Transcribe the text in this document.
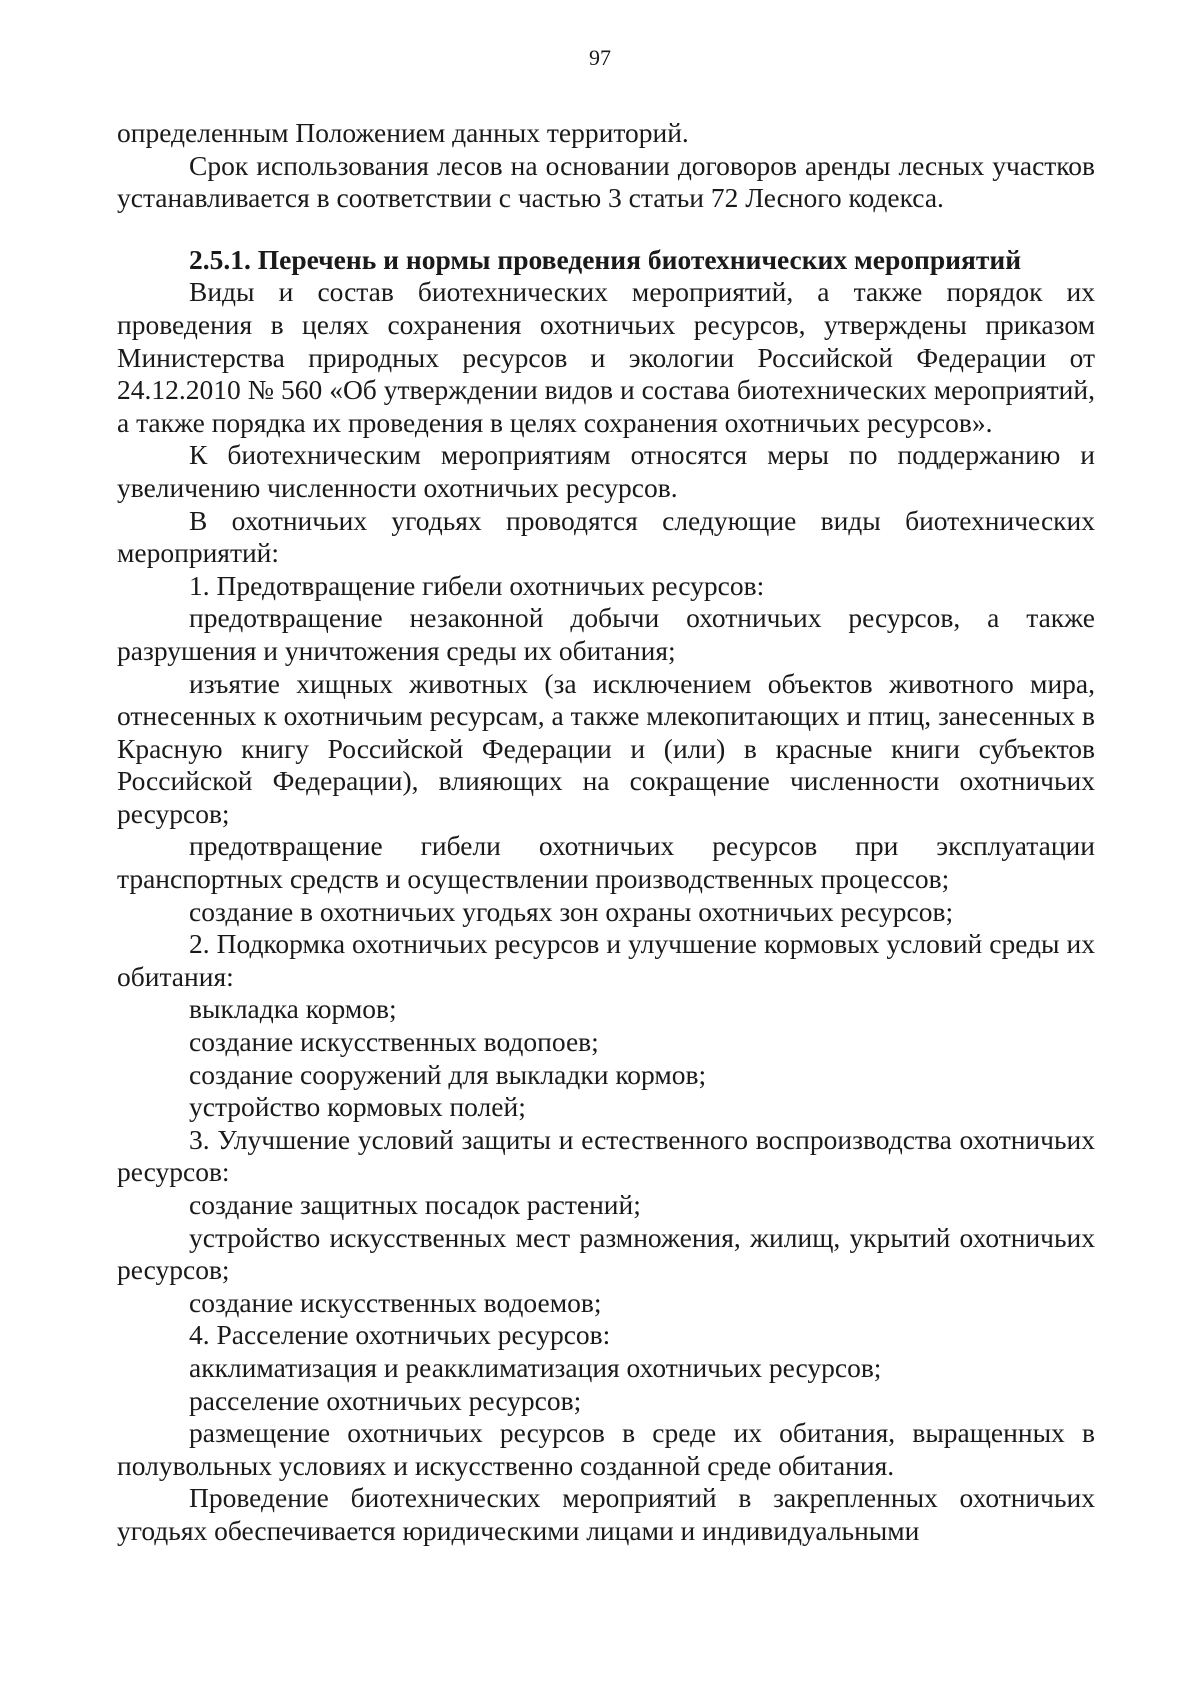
97

определенным Положением данных территорий.

Срок использования лесов на основании договоров аренды лесных участков устанавливается в соответствии с частью 3 статьи 72 Лесного кодекса.

2.5.1. Перечень и нормы проведения биотехнических мероприятий

Виды и состав биотехнических мероприятий, а также порядок их проведения в целях сохранения охотничьих ресурсов, утверждены приказом Министерства природных ресурсов и экологии Российской Федерации от 24.12.2010 № 560 «Об утверждении видов и состава биотехнических мероприятий, а также порядка их проведения в целях сохранения охотничьих ресурсов».

К биотехническим мероприятиям относятся меры по поддержанию и увеличению численности охотничьих ресурсов.

В охотничьих угодьях проводятся следующие виды биотехнических мероприятий:

1. Предотвращение гибели охотничьих ресурсов:

предотвращение незаконной добычи охотничьих ресурсов, а также разрушения и уничтожения среды их обитания;

изъятие хищных животных (за исключением объектов животного мира, отнесенных к охотничьим ресурсам, а также млекопитающих и птиц, занесенных в Красную книгу Российской Федерации и (или) в красные книги субъектов Российской Федерации), влияющих на сокращение численности охотничьих ресурсов;

предотвращение гибели охотничьих ресурсов при эксплуатации транспортных средств и осуществлении производственных процессов;

создание в охотничьих угодьях зон охраны охотничьих ресурсов;

2. Подкормка охотничьих ресурсов и улучшение кормовых условий среды их обитания:

выкладка кормов;

создание искусственных водопоев;

создание сооружений для выкладки кормов;

устройство кормовых полей;

3. Улучшение условий защиты и естественного воспроизводства охотничьих ресурсов:

создание защитных посадок растений;

устройство искусственных мест размножения, жилищ, укрытий охотничьих ресурсов;

создание искусственных водоемов;

4. Расселение охотничьих ресурсов:

акклиматизация и реакклиматизация охотничьих ресурсов;

расселение охотничьих ресурсов;

размещение охотничьих ресурсов в среде их обитания, выращенных в полувольных условиях и искусственно созданной среде обитания.

Проведение биотехнических мероприятий в закрепленных охотничьих угодьях обеспечивается юридическими лицами и индивидуальными
